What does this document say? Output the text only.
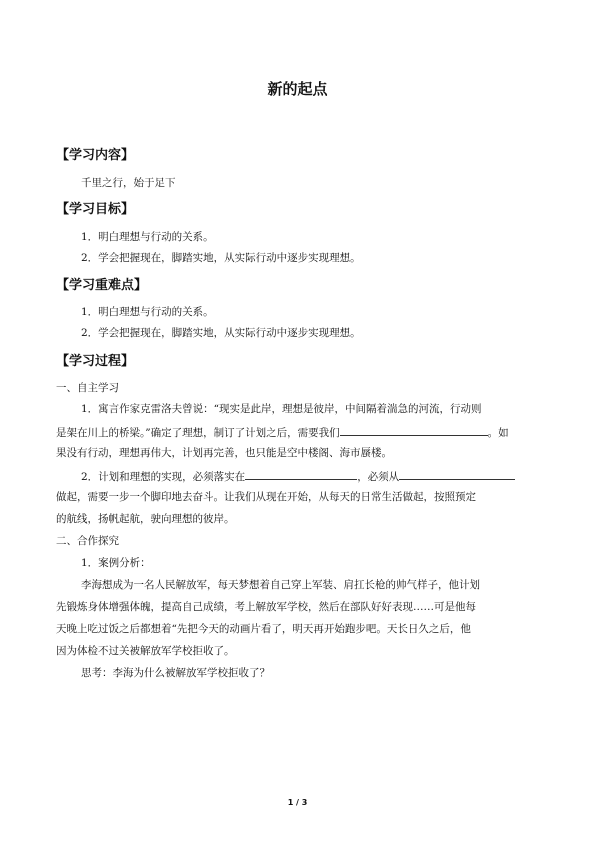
新的起点
【学习内容】
千里之行，始于足下
【学习目标】
1．明白理想与行动的关系。
2．学会把握现在，脚踏实地，从实际行动中逐步实现理想。
【学习重难点】
1．明白理想与行动的关系。
2．学会把握现在，脚踏实地，从实际行动中逐步实现理想。
【学习过程】
一、自主学习
1．寓言作家克雷洛夫曾说：“现实是此岸，理想是彼岸，中间隔着湍急的河流，行动则
是架在川上的桥梁。”确定了理想，制订了计划之后，需要我们	。如
果没有行动，理想再伟大，计划再完善，也只能是空中楼阁、海市蜃楼。
2．计划和理想的实现，必须落实在	，必须从
做起，需要一步一个脚印地去奋斗。让我们从现在开始，从每天的日常生活做起，按照预定
的航线，扬帆起航，驶向理想的彼岸。
二、合作探究
1．案例分析：
李海想成为一名人民解放军，每天梦想着自己穿上军装、肩扛长枪的帅气样子，他计划
先锻炼身体增强体魄，提高自己成绩，考上解放军学校，然后在部队好好表现……可是他每
天晚上吃过饭之后都想着“先把今天的动画片看了，明天再开始跑步吧。天长日久之后，他
因为体检不过关被解放军学校拒收了。
思考：李海为什么被解放军学校拒收了？
1 / 3
